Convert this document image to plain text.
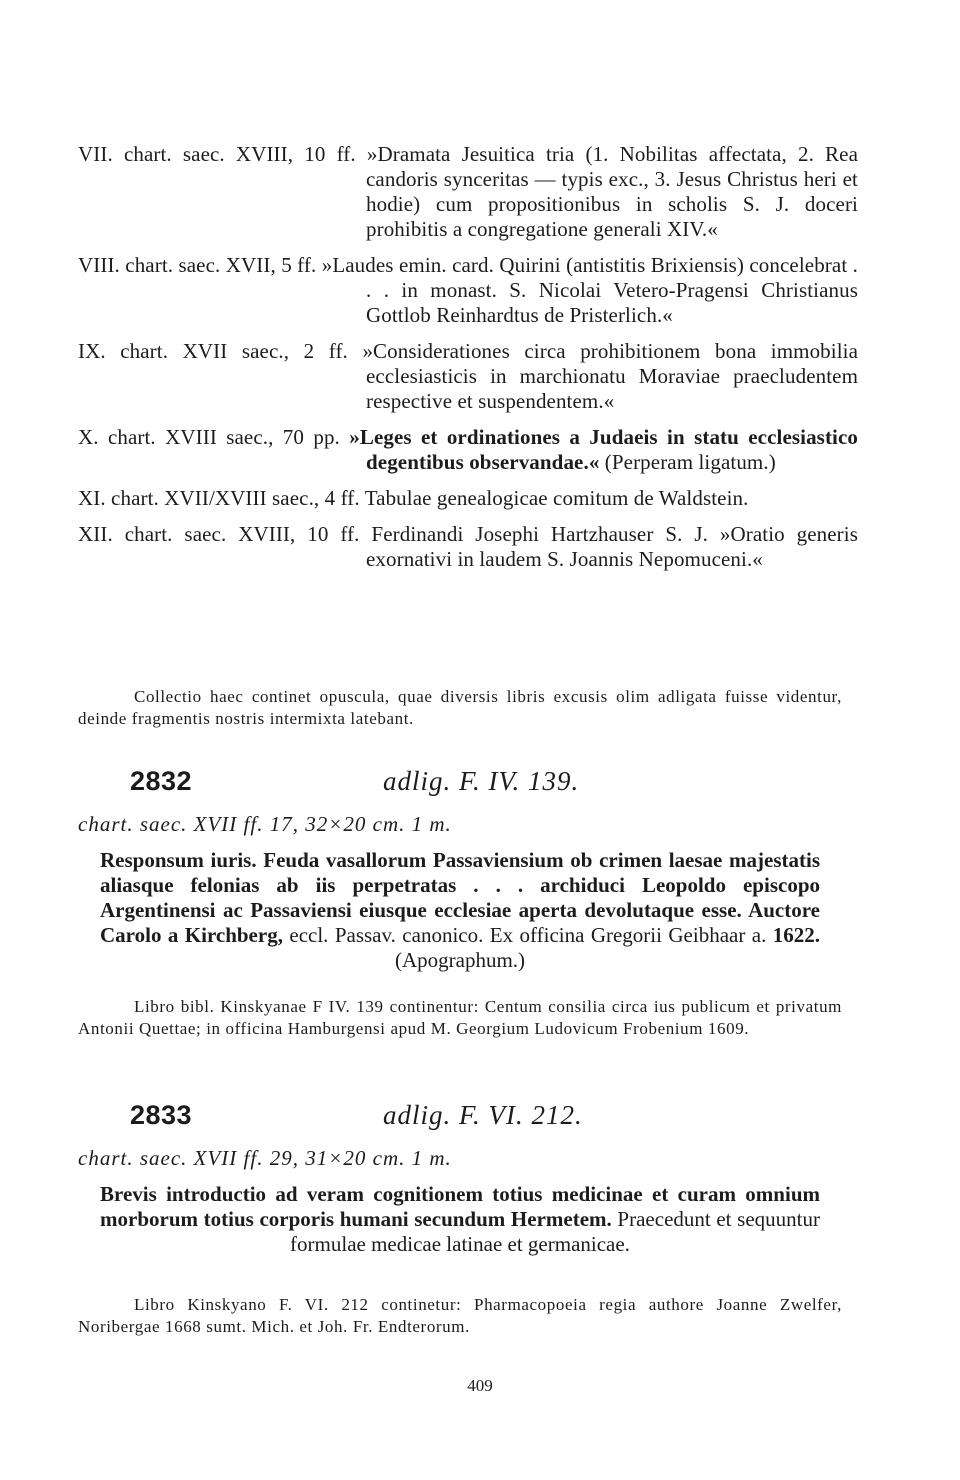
VII. chart. saec. XVIII, 10 ff. »Dramata Jesuitica tria (1. Nobilitas affectata, 2. Rea candoris syncеritas — typis exc., 3. Jesus Christus heri et hodie) cum propositionibus in scholis S. J. doceri prohibitis a congregatione generali XIV.«
VIII. chart. saec. XVII, 5 ff. »Laudes emin. card. Quirini (antistitis Brixiensis) concelebrat . . . in monast. S. Nicolai Vetero-Pragensi Christianus Gottlob Reinhardtus de Pristerlich.«
IX. chart. XVII saec., 2 ff. »Considerationes circa prohibitionem bona immobilia ecclesiasticis in marchionatu Moraviae praecludentem respective et suspendentem.«
X. chart. XVIII saec., 70 pp. »Leges et ordinationes a Judaeis in statu ecclesiastico degentibus observandae.« (Perperam ligatum.)
XI. chart. XVII/XVIII saec., 4 ff. Tabulae genealogicae comitum de Waldstein.
XII. chart. saec. XVIII, 10 ff. Ferdinandi Josephi Hartzhauser S. J. »Oratio generis exornativi in laudem S. Joannis Nepomuceni.«

Collectio haec continet opuscula, quae diversis libris excusis olim adligata fuisse videntur, deinde fragmentis nostris intermixta latebant.

2832	adlig. F. IV. 139.
chart. saec. XVII ff. 17, 32×20 cm. 1 m.
Responsum iuris. Feuda vasallorum Passaviensium ob crimen laesae majestatis aliasque felonias ab iis perpetratas . . . archiduci Leopoldo episcopo Argentinensi ac Passaviensi eiusque ecclesiae aperta devolutaque esse. Auctore Carolo a Kirchberg, eccl. Passav. canonico. Ex officina Gregorii Geibhaar a. 1622. (Apographum.)

Libro bibl. Kinskyanae F IV. 139 continentur: Centum consilia circa ius publicum et privatum Antonii Quettae; in officina Hamburgensi apud M. Georgium Ludovicum Frobenium 1609.

2833	adlig. F. VI. 212.
chart. saec. XVII ff. 29, 31×20 cm. 1 m.
Brevis introductio ad veram cognitionem totius medicinae et curam omnium morborum totius corporis humani secundum Hermetem. Praecedunt et sequuntur formulae medicae latinae et germanicae.

Libro Kinskyano F. VI. 212 continetur: Pharmacopoeia regia authore Joanne Zwelfer, Noribergae 1668 sumt. Mich. et Joh. Fr. Endterorum.

409
